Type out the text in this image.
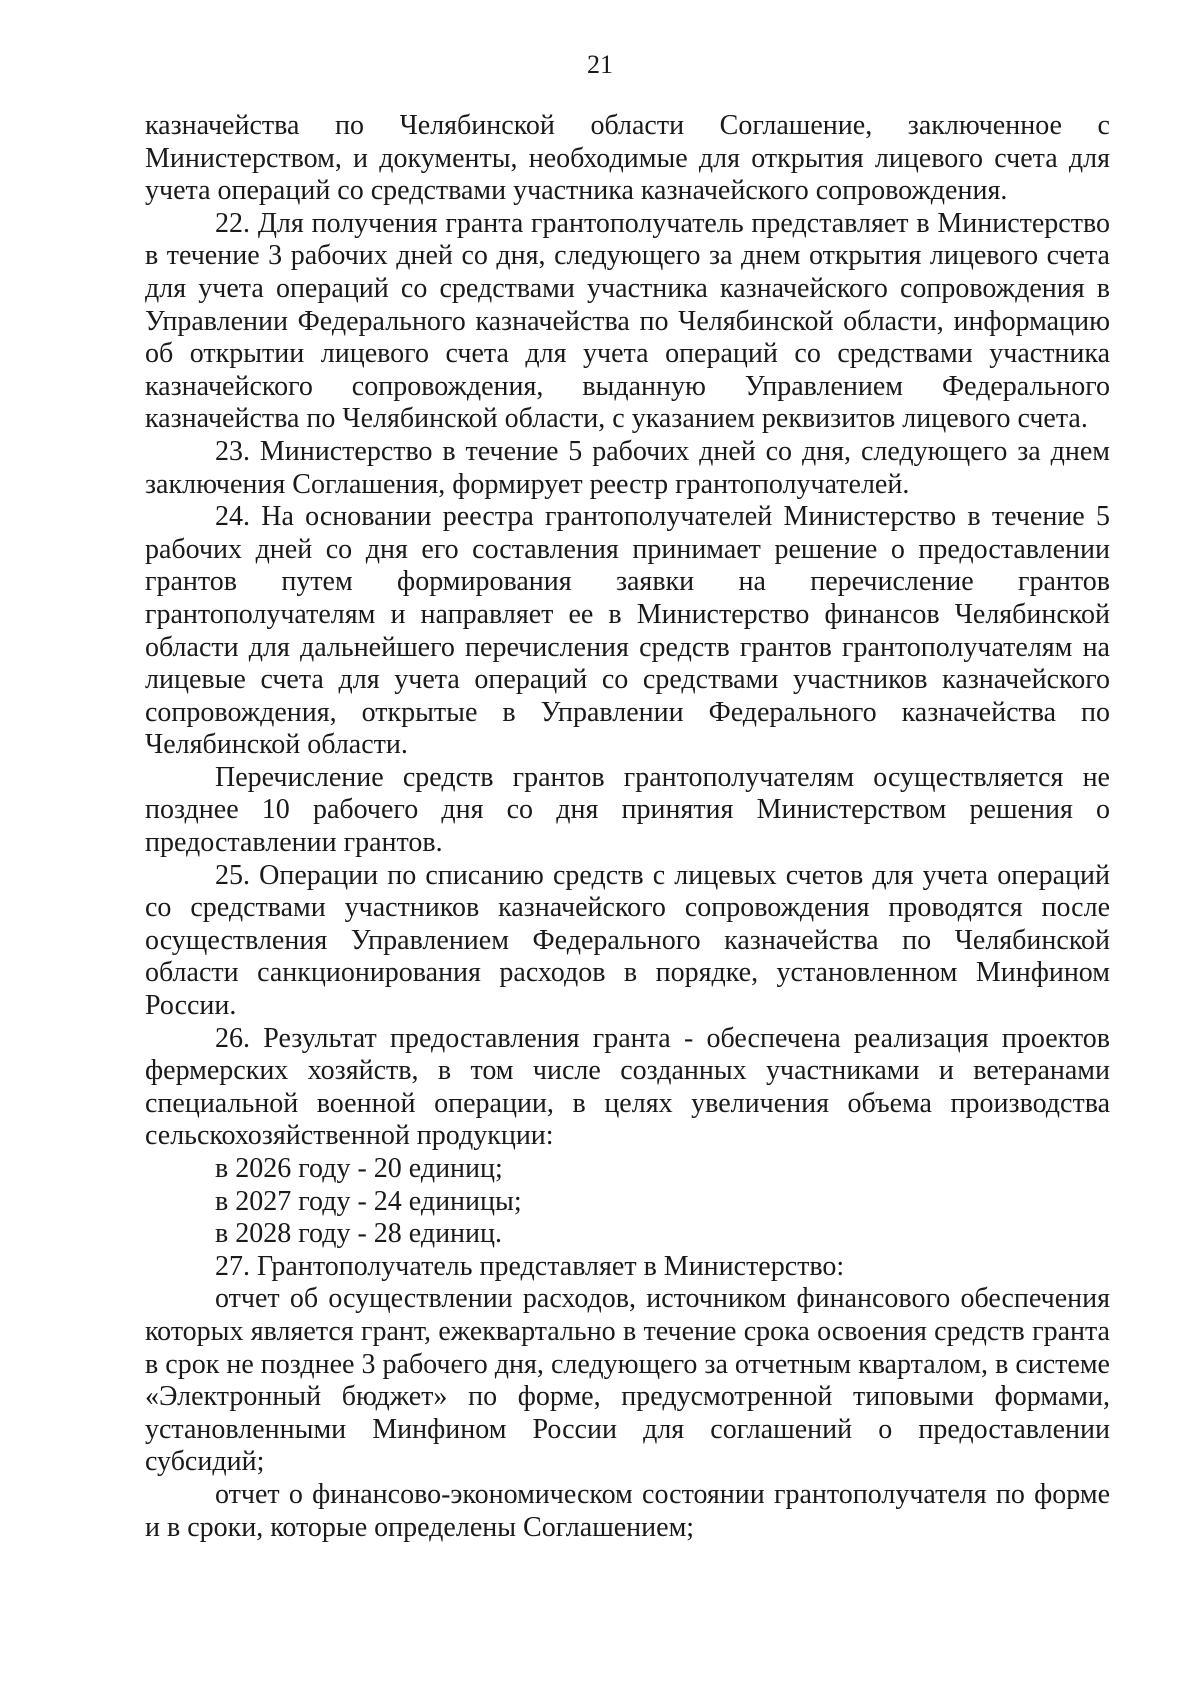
21

казначейства по Челябинской области Соглашение, заключенное с Министерством, и документы, необходимые для открытия лицевого счета для учета операций со средствами участника казначейского сопровождения.

22. Для получения гранта грантополучатель представляет в Министерство в течение 3 рабочих дней со дня, следующего за днем открытия лицевого счета для учета операций со средствами участника казначейского сопровождения в Управлении Федерального казначейства по Челябинской области, информацию об открытии лицевого счета для учета операций со средствами участника казначейского сопровождения, выданную Управлением Федерального казначейства по Челябинской области, с указанием реквизитов лицевого счета.

23. Министерство в течение 5 рабочих дней со дня, следующего за днем заключения Соглашения, формирует реестр грантополучателей.

24. На основании реестра грантополучателей Министерство в течение 5 рабочих дней со дня его составления принимает решение о предоставлении грантов путем формирования заявки на перечисление грантов грантополучателям и направляет ее в Министерство финансов Челябинской области для дальнейшего перечисления средств грантов грантополучателям на лицевые счета для учета операций со средствами участников казначейского сопровождения, открытые в Управлении Федерального казначейства по Челябинской области.

Перечисление средств грантов грантополучателям осуществляется не позднее 10 рабочего дня со дня принятия Министерством решения о предоставлении грантов.

25. Операции по списанию средств с лицевых счетов для учета операций со средствами участников казначейского сопровождения проводятся после осуществления Управлением Федерального казначейства по Челябинской области санкционирования расходов в порядке, установленном Минфином России.

26. Результат предоставления гранта - обеспечена реализация проектов фермерских хозяйств, в том числе созданных участниками и ветеранами специальной военной операции, в целях увеличения объема производства сельскохозяйственной продукции:

в 2026 году - 20 единиц;

в 2027 году - 24 единицы;

в 2028 году - 28 единиц.

27. Грантополучатель представляет в Министерство:

отчет об осуществлении расходов, источником финансового обеспечения которых является грант, ежеквартально в течение срока освоения средств гранта в срок не позднее 3 рабочего дня, следующего за отчетным кварталом, в системе «Электронный бюджет» по форме, предусмотренной типовыми формами, установленными Минфином России для соглашений о предоставлении субсидий;

отчет о финансово-экономическом состоянии грантополучателя по форме и в сроки, которые определены Соглашением;
